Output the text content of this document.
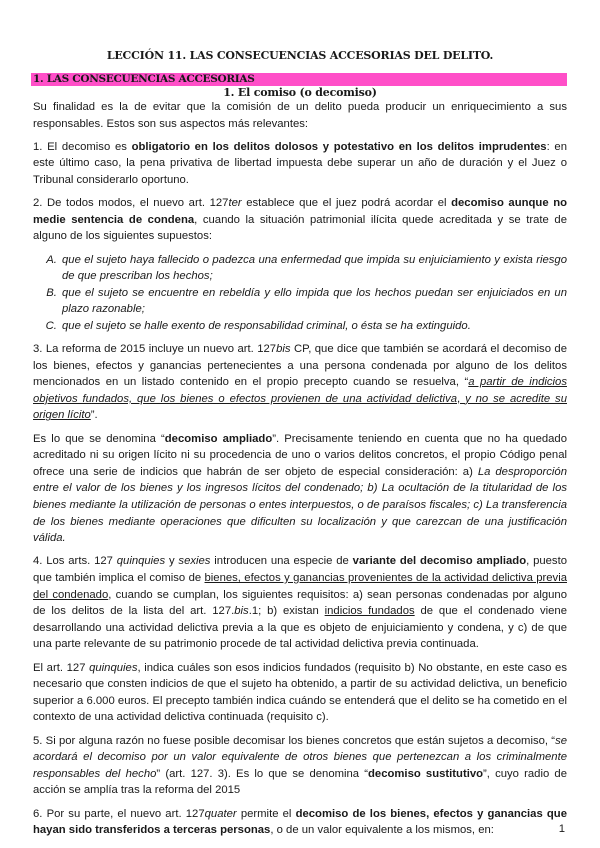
LECCIÓN 11. LAS CONSECUENCIAS ACCESORIAS DEL DELITO.
1. LAS CONSECUENCIAS ACCESORIAS
1. El comiso (o decomiso)

Su finalidad es la de evitar que la comisión de un delito pueda producir un enriquecimiento a sus responsables. Estos son sus aspectos más relevantes:

1. El decomiso es obligatorio en los delitos dolosos y potestativo en los delitos imprudentes: en este último caso, la pena privativa de libertad impuesta debe superar un año de duración y el Juez o Tribunal considerarlo oportuno.

2. De todos modos, el nuevo art. 127ter establece que el juez podrá acordar el decomiso aunque no medie sentencia de condena, cuando la situación patrimonial ilícita quede acreditada y se trate de alguno de los siguientes supuestos:

A. que el sujeto haya fallecido o padezca una enfermedad que impida su enjuiciamiento y exista riesgo de que prescriban los hechos;
B. que el sujeto se encuentre en rebeldía y ello impida que los hechos puedan ser enjuiciados en un plazo razonable;
C. que el sujeto se halle exento de responsabilidad criminal, o ésta se ha extinguido.

3. La reforma de 2015 incluye un nuevo art. 127bis CP, que dice que también se acordará el decomiso de los bienes, efectos y ganancias pertenecientes a una persona condenada por alguno de los delitos mencionados en un listado contenido en el propio precepto cuando se resuelva, “a partir de indicios objetivos fundados, que los bienes o efectos provienen de una actividad delictiva, y no se acredite su origen lícito”.

Es lo que se denomina “decomiso ampliado”. Precisamente teniendo en cuenta que no ha quedado acreditado ni su origen lícito ni su procedencia de uno o varios delitos concretos, el propio Código penal ofrece una serie de indicios que habrán de ser objeto de especial consideración: a) La desproporción entre el valor de los bienes y los ingresos lícitos del condenado; b) La ocultación de la titularidad de los bienes mediante la utilización de personas o entes interpuestos, o de paraísos fiscales; c) La transferencia de los bienes mediante operaciones que dificulten su localización y que carezcan de una justificación válida.

4. Los arts. 127 quinquies y sexies introducen una especie de variante del decomiso ampliado, puesto que también implica el comiso de bienes, efectos y ganancias provenientes de la actividad delictiva previa del condenado, cuando se cumplan, los siguientes requisitos: a) sean personas condenadas por alguno de los delitos de la lista del art. 127.bis.1; b) existan indicios fundados de que el condenado viene desarrollando una actividad delictiva previa a la que es objeto de enjuiciamiento y condena, y c) de que una parte relevante de su patrimonio procede de tal actividad delictiva previa continuada.

El art. 127 quinquies, indica cuáles son esos indicios fundados (requisito b) No obstante, en este caso es necesario que consten indicios de que el sujeto ha obtenido, a partir de su actividad delictiva, un beneficio superior a 6.000 euros. El precepto también indica cuándo se entenderá que el delito se ha cometido en el contexto de una actividad delictiva continuada (requisito c).

5. Si por alguna razón no fuese posible decomisar los bienes concretos que están sujetos a decomiso, “se acordará el decomiso por un valor equivalente de otros bienes que pertenezcan a los criminalmente responsables del hecho” (art. 127. 3). Es lo que se denomina “decomiso sustitutivo”, cuyo radio de acción se amplía tras la reforma del 2015

6. Por su parte, el nuevo art. 127quater permite el decomiso de los bienes, efectos y ganancias que hayan sido transferidos a terceras personas, o de un valor equivalente a los mismos, en:	1
